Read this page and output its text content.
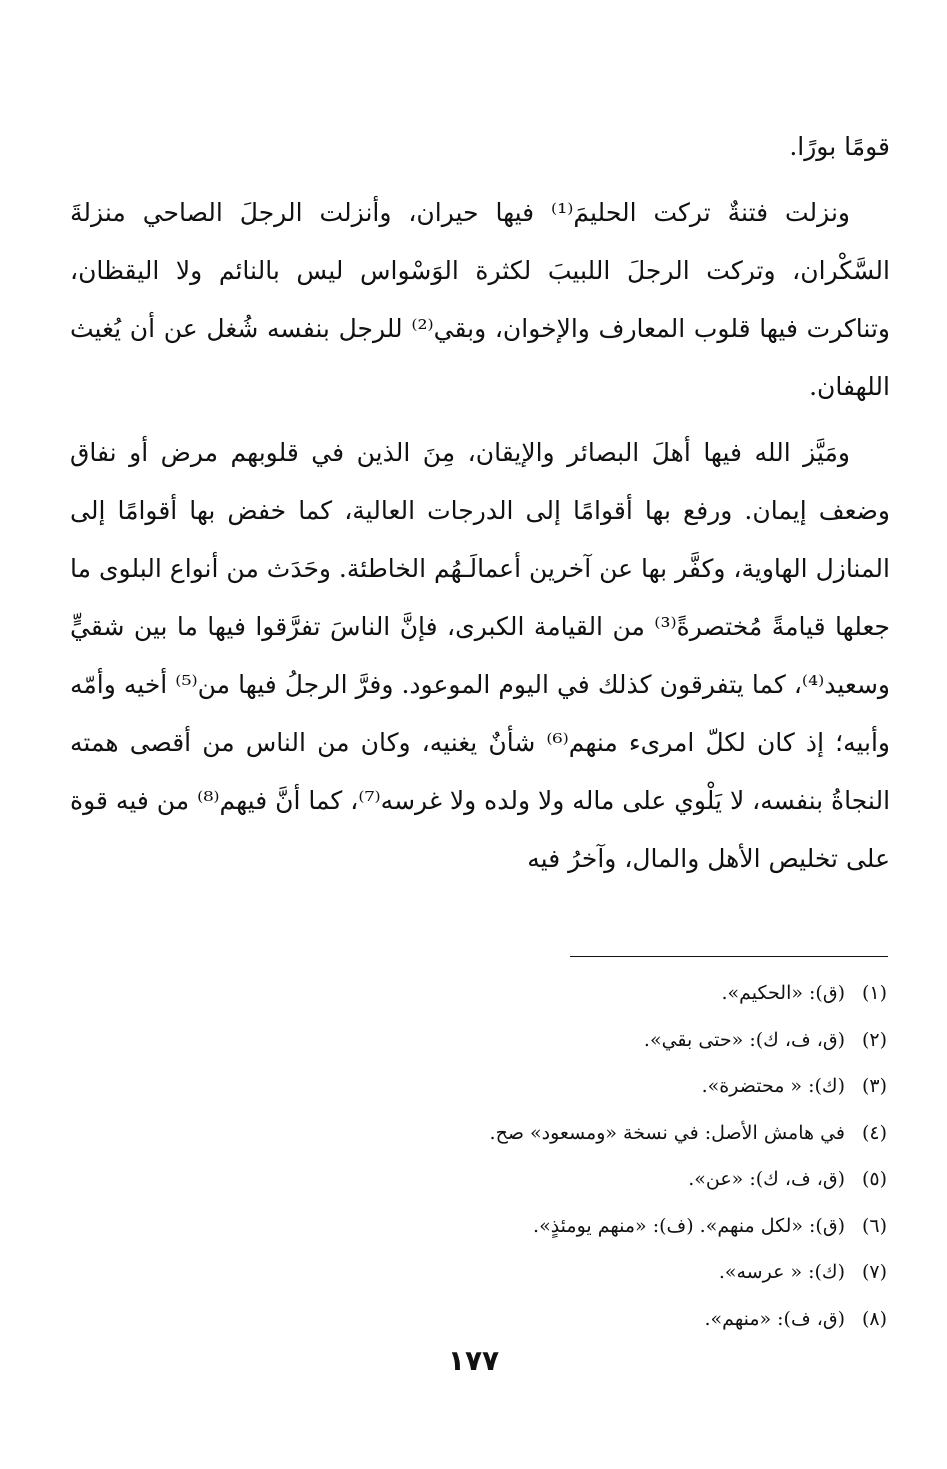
قومًا بورًا.

ونزلت فتنةٌ تركت الحليمَ⁽¹⁾ فيها حيران، وأنزلت الرجلَ الصاحي منزلةَ السَّكْران، وتركت الرجلَ اللبيبَ لكثرة الوَسْواس ليس بالنائم ولا اليقظان، وتناكرت فيها قلوب المعارف والإخوان، وبقي⁽²⁾ للرجل بنفسه شُغل عن أن يُغيث اللهفان.

ومَيَّز الله فيها أهلَ البصائر والإيقان، مِنَ الذين في قلوبهم مرض أو نفاق وضعف إيمان. ورفع بها أقوامًا إلى الدرجات العالية، كما خفض بها أقوامًا إلى المنازل الهاوية، وكفَّر بها عن آخرين أعمالَـهُم الخاطئة. وحَدَث من أنواع البلوى ما جعلها قيامةً مُختصرةً⁽³⁾ من القيامة الكبرى، فإنَّ الناسَ تفرَّقوا فيها ما بين شقيٍّ وسعيد⁽⁴⁾، كما يتفرقون كذلك في اليوم الموعود. وفرَّ الرجلُ فيها من⁽⁵⁾ أخيه وأمّه وأبيه؛ إذ كان لكلّ امرىء منهم⁽⁶⁾ شأنٌ يغنيه، وكان من الناس من أقصى همته النجاةُ بنفسه، لا يَلْوي على ماله ولا ولده ولا غرسه⁽⁷⁾، كما أنَّ فيهم⁽⁸⁾ من فيه قوة على تخليص الأهل والمال، وآخرُ فيه

(١)(ق): «الحكيم».
(٢)(ق، ف، ك): «حتى بقي».
(٣)(ك): « محتضرة».
(٤)في هامش الأصل: في نسخة «ومسعود» صح.
(٥)(ق، ف، ك): «عن».
(٦)(ق): «لكل منهم». (ف): «منهم يومئذٍ».
(٧)(ك): « عرسه».
(٨)(ق، ف): «منهم».
١٧٧
